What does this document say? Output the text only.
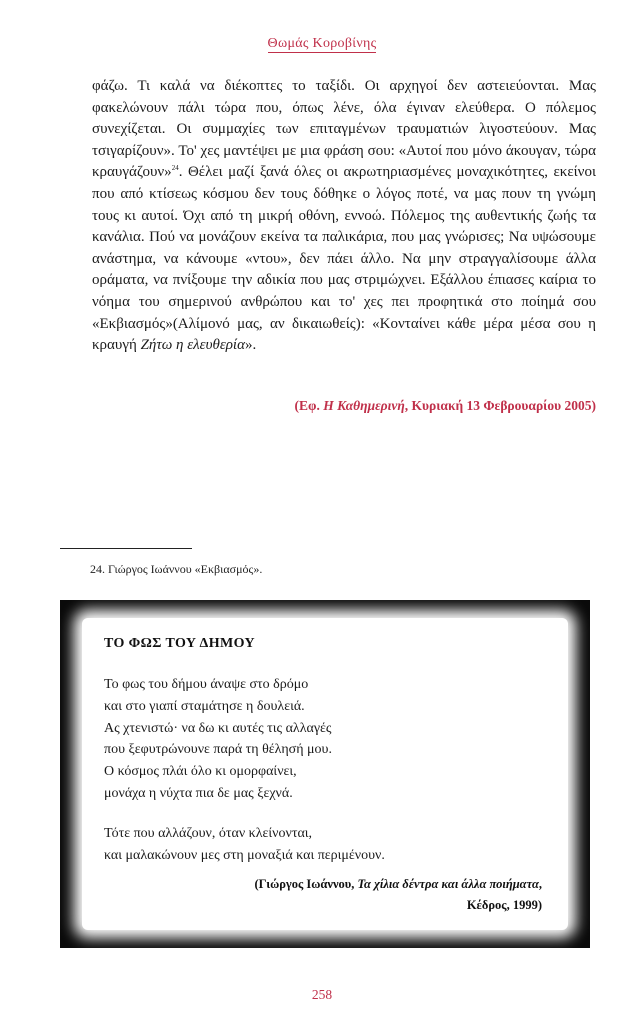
Θωμάς Κοροβίνης

φάζω. Τι καλά να διέκοπτες το ταξίδι. Οι αρχηγοί δεν αστειεύονται. Μας φακελώνουν πάλι τώρα που, όπως λένε, όλα έγιναν ελεύθερα. Ο πόλεμος συνεχίζεται. Οι συμμαχίες των επιταγμένων τραυματιών λιγοστεύουν. Μας τσιγαρίζουν». Το' χες μαντέψει με μια φράση σου: «Αυτοί που μόνο άκουγαν, τώρα κραυγάζουν»$^{24}$. Θέλει μαζί ξανά όλες οι ακρωτηριασμένες μοναχικότητες, εκείνοι που από κτίσεως κόσμου δεν τους δόθηκε ο λόγος ποτέ, να μας πουν τη γνώμη τους κι αυτοί. Όχι από τη μικρή οθόνη, εννοώ. Πόλεμος της αυθεντικής ζωής τα κανάλια. Πού να μονάζουν εκείνα τα παλικάρια, που μας γνώρισες; Να υψώσουμε ανάστημα, να κάνουμε «ντου», δεν πάει άλλο. Να μην στραγγαλίσουμε άλλα οράματα, να πνίξουμε την αδικία που μας στριμώχνει. Εξάλλου έπιασες καίρια το νόημα του σημερινού ανθρώπου και το' χες πει προφητικά στο ποίημά σου «Εκβιασμός»(Αλίμονό μας, αν δικαιωθείς): «Κονταίνει κάθε μέρα μέσα σου η κραυγή Ζήτω η ελευθερία».

(Εφ. Η Καθημερινή, Κυριακή 13 Φεβρουαρίου 2005)
24. Γιώργος Ιωάννου «Εκβιασμός».
ΤΟ ΦΩΣ ΤΟΥ ΔΗΜΟΥ
Το φως του δήμου άναψε στο δρόμο
και στο γιαπί σταμάτησε η δουλειά.
Ας χτενιστώ· να δω κι αυτές τις αλλαγές
που ξεφυτρώνουνε παρά τη θέλησή μου.
Ο κόσμος πλάι όλο κι ομορφαίνει,
μονάχα η νύχτα πια δε μας ξεχνά.
Τότε που αλλάζουν, όταν κλείνονται,
και μαλακώνουν μες στη μοναξιά και περιμένουν.
(Γιώργος Ιωάννου, Τα χίλια δέντρα και άλλα ποιήματα,
Κέδρος, 1999)
258
